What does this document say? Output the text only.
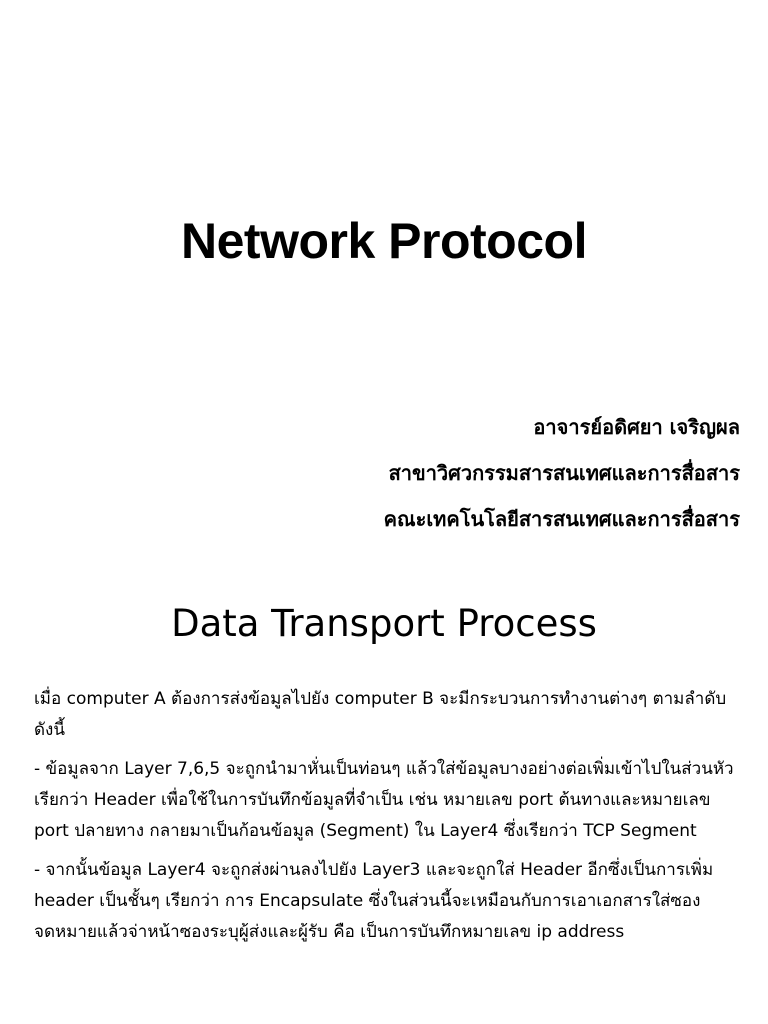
Network Protocol
อาจารย์อดิศยา เจริญผล
สาขาวิศวกรรมสารสนเทศและการสื่อสาร
คณะเทคโนโลยีสารสนเทศและการสื่อสาร
Data Transport Process

เมื่อ computer A ต้องการส่งข้อมูลไปยัง computer B จะมีกระบวนการทำงานต่างๆ ตามลำดับดังนี้

- ข้อมูลจาก Layer 7,6,5 จะถูกนำมาหั่นเป็นท่อนๆ แล้วใส่ข้อมูลบางอย่างต่อเพิ่มเข้าไปในส่วนหัว เรียกว่า Header เพื่อใช้ในการบันทึกข้อมูลที่จำเป็น เช่น หมายเลข port ต้นทางและหมายเลข port ปลายทาง กลายมาเป็นก้อนข้อมูล (Segment) ใน Layer4 ซึ่งเรียกว่า TCP Segment

- จากนั้นข้อมูล Layer4 จะถูกส่งผ่านลงไปยัง Layer3 และจะถูกใส่ Header อีกซึ่งเป็นการเพิ่ม header เป็นชั้นๆ เรียกว่า การ Encapsulate ซึ่งในส่วนนี้จะเหมือนกับการเอาเอกสารใส่ซองจดหมายแล้วจ่าหน้าซองระบุผู้ส่งและผู้รับ คือ เป็นการบันทึกหมายเลข ip address
